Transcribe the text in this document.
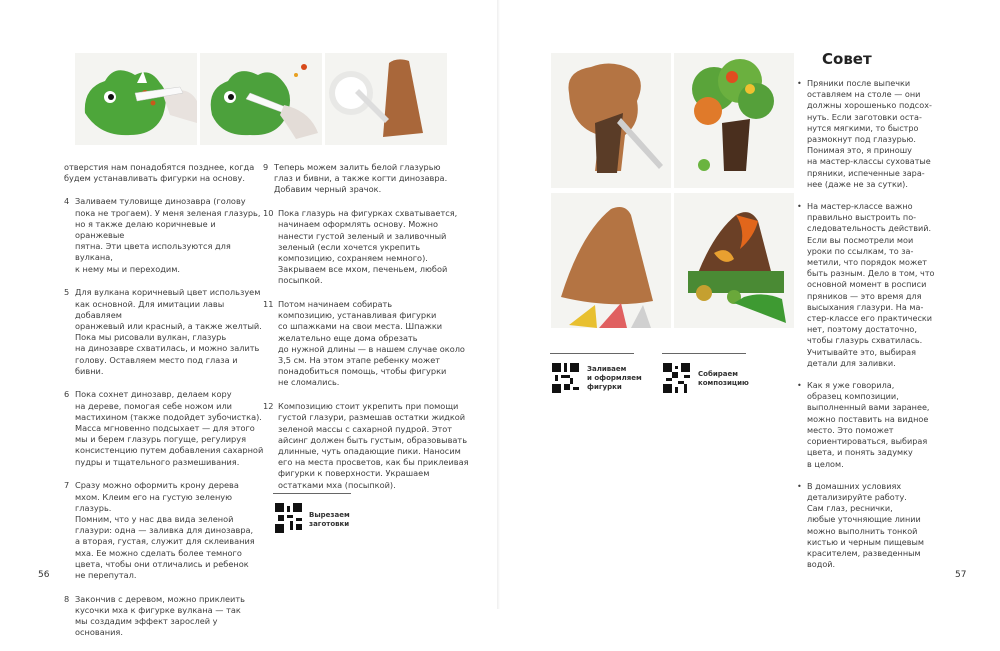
отверстия нам понадобятся позднее, когда
будем устанавливать фигурки на основу.
4 Заливаем туловище динозавра (голову
пока не трогаем). У меня зеленая глазурь,
но я также делаю коричневые и оранжевые
пятна. Эти цвета используются для вулкана,
к нему мы и переходим.
5 Для вулкана коричневый цвет используем
как основной. Для имитации лавы добавляем
оранжевый или красный, а также желтый.
Пока мы рисовали вулкан, глазурь
на динозавре схватилась, и можно залить
голову. Оставляем место под глаза и бивни.
6 Пока сохнет динозавр, делаем кору
на дереве, помогая себе ножом или
мастихином (также подойдет зубочистка).
Масса мгновенно подсыхает — для этого
мы и берем глазурь погуще, регулируя
консистенцию путем добавления сахарной
пудры и тщательного размешивания.
7 Сразу можно оформить крону дерева
мхом. Клеим его на густую зеленую глазурь.
Помним, что у нас два вида зеленой
глазури: одна — заливка для динозавра,
а вторая, густая, служит для склеивания
мха. Ее можно сделать более темного
цвета, чтобы они отличались и ребенок
не перепутал.
8 Закончив с деревом, можно приклеить
кусочки мха к фигурке вулкана — так
мы создадим эффект зарослей у основания.
9 Теперь можем залить белой глазурью
глаз и бивни, а также когти динозавра.
Добавим черный зрачок.
10 Пока глазурь на фигурках схватывается,
начинаем оформлять основу. Можно
нанести густой зеленый и заливочный
зеленый (если хочется укрепить
композицию, сохраняем немного).
Закрываем все мхом, печеньем, любой
посыпкой.
11 Потом начинаем собирать
композицию, устанавливая фигурки
со шпажками на свои места. Шпажки
желательно еще дома обрезать
до нужной длины — в нашем случае около
3,5 см. На этом этапе ребенку может
понадобиться помощь, чтобы фигурки
не сломались.
12 Композицию стоит укрепить при помощи
густой глазури, размешав остатки жидкой
зеленой массы с сахарной пудрой. Этот
айсинг должен быть густым, образовывать
длинные, чуть опадающие пики. Наносим
его на места просветов, как бы приклеивая
фигурки к поверхности. Украшаем
остатками мха (посыпкой).
Вырезаем
заготовки
56
Заливаем
и оформляем
фигурки
Собираем
композицию
57
Совет
• Пряники после выпечки
оставляем на столе — они
должны хорошенько подсох-
нуть. Если заготовки оста-
нутся мягкими, то быстро
размокнут под глазурью.
Понимая это, я приношу
на мастер-классы суховатые
пряники, испеченные зара-
нее (даже не за сутки).
• На мастер-классе важно
правильно выстроить по-
следовательность действий.
Если вы посмотрели мои
уроки по ссылкам, то за-
метили, что порядок может
быть разным. Дело в том, что
основной момент в росписи
пряников — это время для
высыхания глазури. На ма-
стер-классе его практически
нет, поэтому достаточно,
чтобы глазурь схватилась.
Учитывайте это, выбирая
детали для заливки.
• Как я уже говорила,
образец композиции,
выполненный вами заранее,
можно поставить на видное
место. Это поможет
сориентироваться, выбирая
цвета, и понять задумку
в целом.
• В домашних условиях
детализируйте работу.
Сам глаз, реснички,
любые уточняющие линии
можно выполнить тонкой
кистью и черным пищевым
красителем, разведенным
водой.
